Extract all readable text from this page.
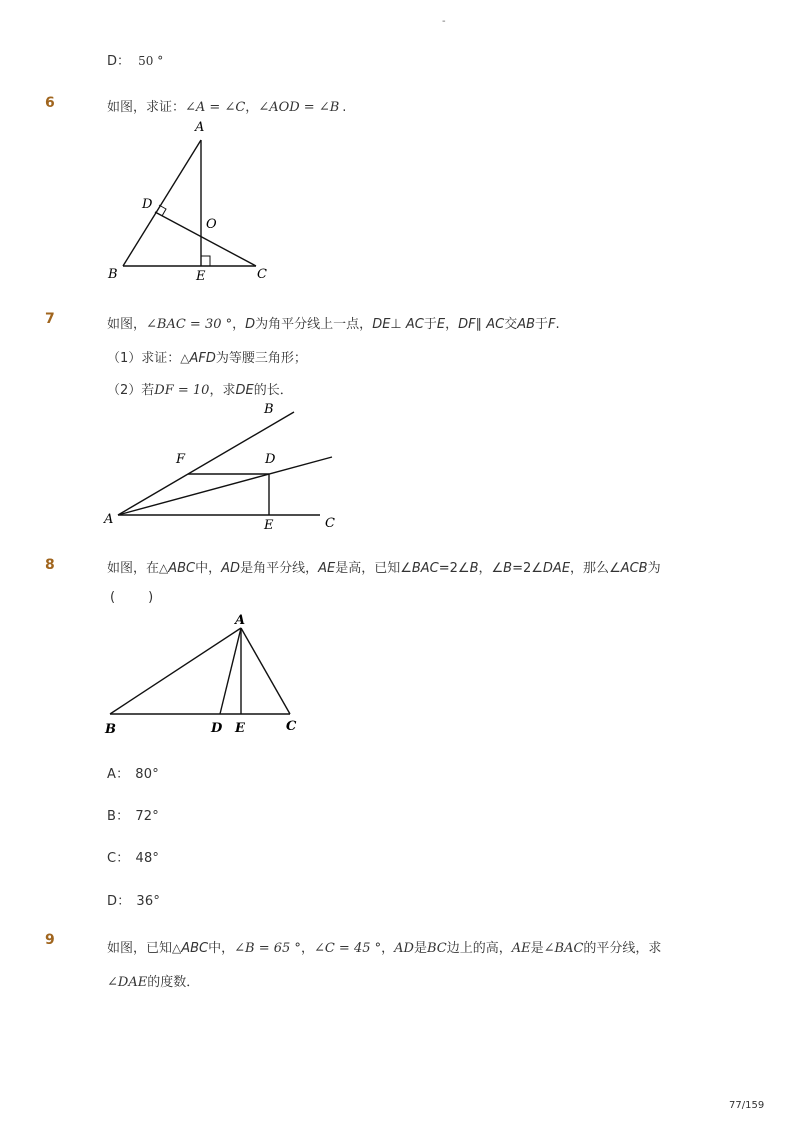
-
D： 50 °
6	如图，求证：∠A = ∠C，∠AOD = ∠B .
A
D
O
B	E	C
7	如图，∠BAC = 30 °，D为角平分线上一点，DE⊥ AC于E，DF∥ AC交AB于F.
（1）求证：△AFD为等腰三角形；
（2）若DF = 10，求DE的长．
B
F	D
A	E	C
8	如图，在△ABC中，AD是角平分线，AE是高，已知∠BAC=2∠B，∠B=2∠DAE，那么∠ACB为
(        )
A
B	D E	C
A： 80°
B： 72°
C： 48°
D： 36°
9
如图，已知△ABC中，∠B = 65 °，∠C = 45 °，AD是BC边上的高，AE是∠BAC的平分线，求
∠DAE的度数．
77/159
